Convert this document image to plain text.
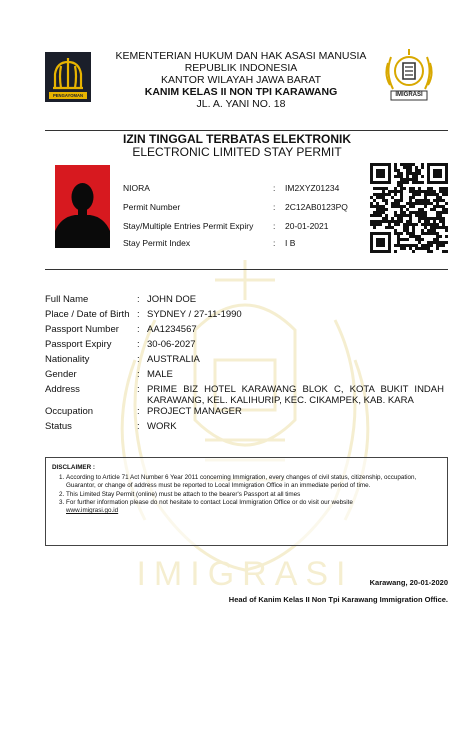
IMIGRASI
PENGAYOMAN	IMIGRASI
KEMENTERIAN HUKUM DAN HAK ASASI MANUSIA
REPUBLIK INDONESIA
KANTOR WILAYAH JAWA BARAT
KANIM KELAS II NON TPI KARAWANG
JL. A. YANI NO. 18
IZIN TINGGAL TERBATAS ELEKTRONIK
ELECTRONIC LIMITED STAY PERMIT
NIORA	: IM2XYZ01234
Permit Number	: 2C12AB0123PQ
Stay/Multiple Entries Permit Expiry : 20-01-2021
Stay Permit Index	: I B
Full Name	: JOHN DOE
Place / Date of Birth : SYDNEY / 27-11-1990
Passport Number : AA1234567
Passport Expiry	: 30-06-2027
Nationality	: AUSTRALIA
Gender	: MALE
Address	: PRIME BIZ HOTEL KARAWANG BLOK C, KOTA BUKIT INDAH KARAWANG, KEL. KALIHURIP, KEC. CIKAMPEK, KAB. KARA
Occupation	: PROJECT MANAGER
Status	: WORK
DISCLAIMER :
1. According to Article 71 Act Number 6 Year 2011 concerning Immigration, every changes of civil status, citizenship, occupation, Guarantor, or change of address must be reported to Local Immigration Office in an immediate period of time.
2. This Limited Stay Permit (online) must be attach to the bearer's Passport at all times
3. For further information please do not hesitate to contact Local Immigration Office or do visit our website
www.imigrasi.go.id
Karawang, 20-01-2020
Head of Kanim Kelas II Non Tpi Karawang Immigration Office.
